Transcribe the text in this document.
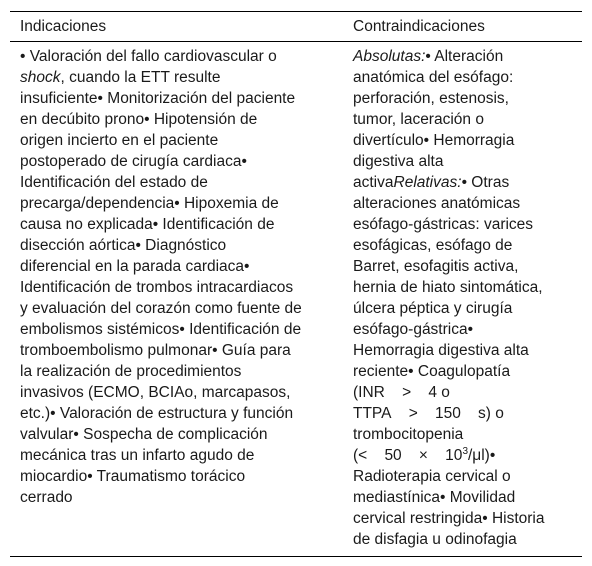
Indicaciones	Contraindicaciones
• Valoración del fallo cardiovascular o
shock, cuando la ETT resulte
insuficiente• Monitorización del paciente
en decúbito prono• Hipotensión de
origen incierto en el paciente
postoperado de cirugía cardiaca•
Identificación del estado de
precarga/dependencia• Hipoxemia de
causa no explicada• Identificación de
disección aórtica• Diagnóstico
diferencial en la parada cardiaca•
Identificación de trombos intracardiacos
y evaluación del corazón como fuente de
embolismos sistémicos• Identificación de
tromboembolismo pulmonar• Guía para
la realización de procedimientos
invasivos (ECMO, BCIAo, marcapasos,
etc.)• Valoración de estructura y función
valvular• Sospecha de complicación
mecánica tras un infarto agudo de
miocardio• Traumatismo torácico
cerrado
Absolutas:• Alteración
anatómica del esófago:
perforación, estenosis,
tumor, laceración o
divertículo• Hemorragia
digestiva alta
activaRelativas:• Otras
alteraciones anatómicas
esófago-gástricas: varices
esofágicas, esófago de
Barret, esofagitis activa,
hernia de hiato sintomática,
úlcera péptica y cirugía
esófago-gástrica•
Hemorragia digestiva alta
reciente• Coagulopatía
(INR    >    4 o
TTPA    >    150    s) o
trombocitopenia
(<    50    ×    $10^3/\mu l)•$
Radioterapia cervical o
mediastínica• Movilidad
cervical restringida• Historia
de disfagia u odinofagia
